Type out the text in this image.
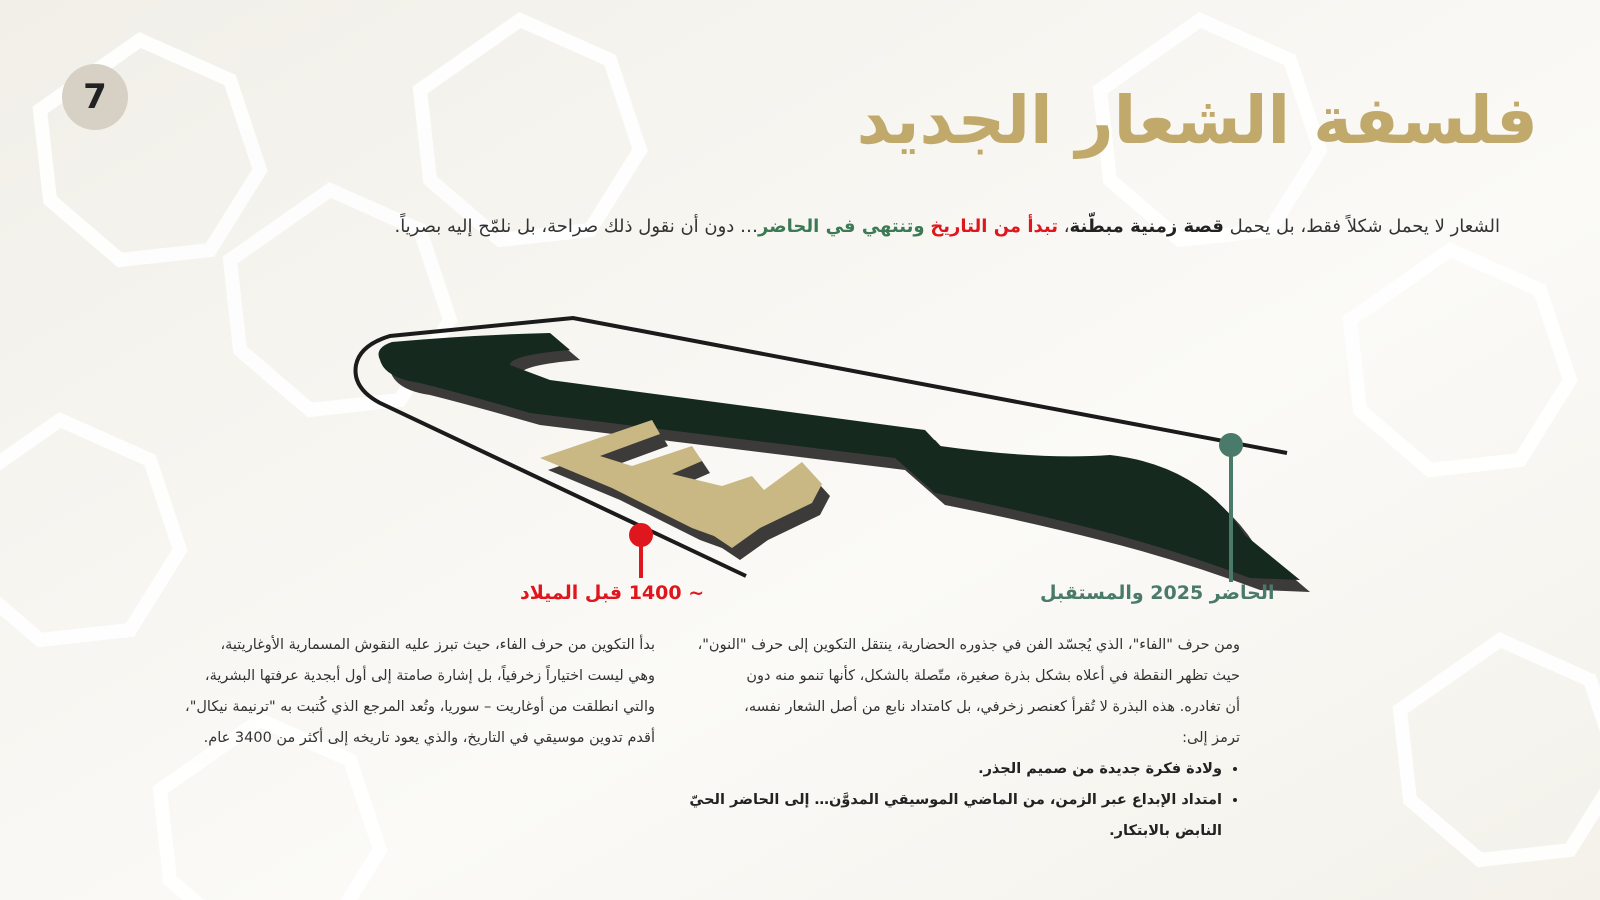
7	فلسفة الشعار الجديد

الشعار لا يحمل شكلاً فقط، بل يحمل قصة زمنية مبطّنة، تبدأ من التاريخ وتنتهي في الحاضر… دون أن نقول ذلك صراحة، بل نلمّح إليه بصرياً.

~ 1400 قبل الميلاد	الحاضر 2025 والمستقبل
بدأ التكوين من حرف الفاء، حيث تبرز عليه النقوش المسمارية الأوغاريتية،
وهي ليست اختياراً زخرفياً، بل إشارة صامتة إلى أول أبجدية عرفتها البشرية،
والتي انطلقت من أوغاريت – سوريا، وتُعد المرجع الذي كُتبت به "ترنيمة نيكال"،
أقدم تدوين موسيقي في التاريخ، والذي يعود تاريخه إلى أكثر من 3400 عام.
ومن حرف "الفاء"، الذي يُجسّد الفن في جذوره الحضارية، ينتقل التكوين إلى حرف "النون"،
حيث تظهر النقطة في أعلاه بشكل بذرة صغيرة، متّصلة بالشكل، كأنها تنمو منه دون
أن تغادره. هذه البذرة لا تُقرأ كعنصر زخرفي، بل كامتداد نابع من أصل الشعار نفسه،
ترمز إلى:
• ولادة فكرة جديدة من صميم الجذر.
• امتداد الإبداع عبر الزمن، من الماضي الموسيقي المدوَّن… إلى الحاضر الحيّ النابض بالابتكار.
